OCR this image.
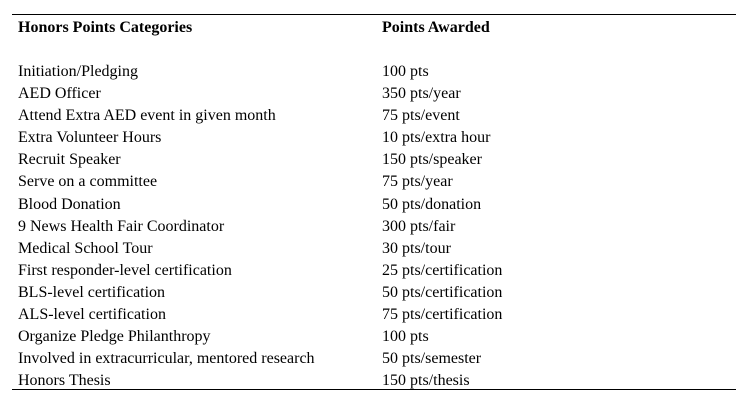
Honors Points Categories	Points Awarded
Initiation/Pledging	100 pts
AED Officer	350 pts/year
Attend Extra AED event in given month	75 pts/event
Extra Volunteer Hours	10 pts/extra hour
Recruit Speaker	150 pts/speaker
Serve on a committee	75 pts/year
Blood Donation	50 pts/donation
9 News Health Fair Coordinator	300 pts/fair
Medical School Tour	30 pts/tour
First responder-level certification	25 pts/certification
BLS-level certification	50 pts/certification
ALS-level certification	75 pts/certification
Organize Pledge Philanthropy	100 pts
Involved in extracurricular, mentored research	50 pts/semester
Honors Thesis	150 pts/thesis
